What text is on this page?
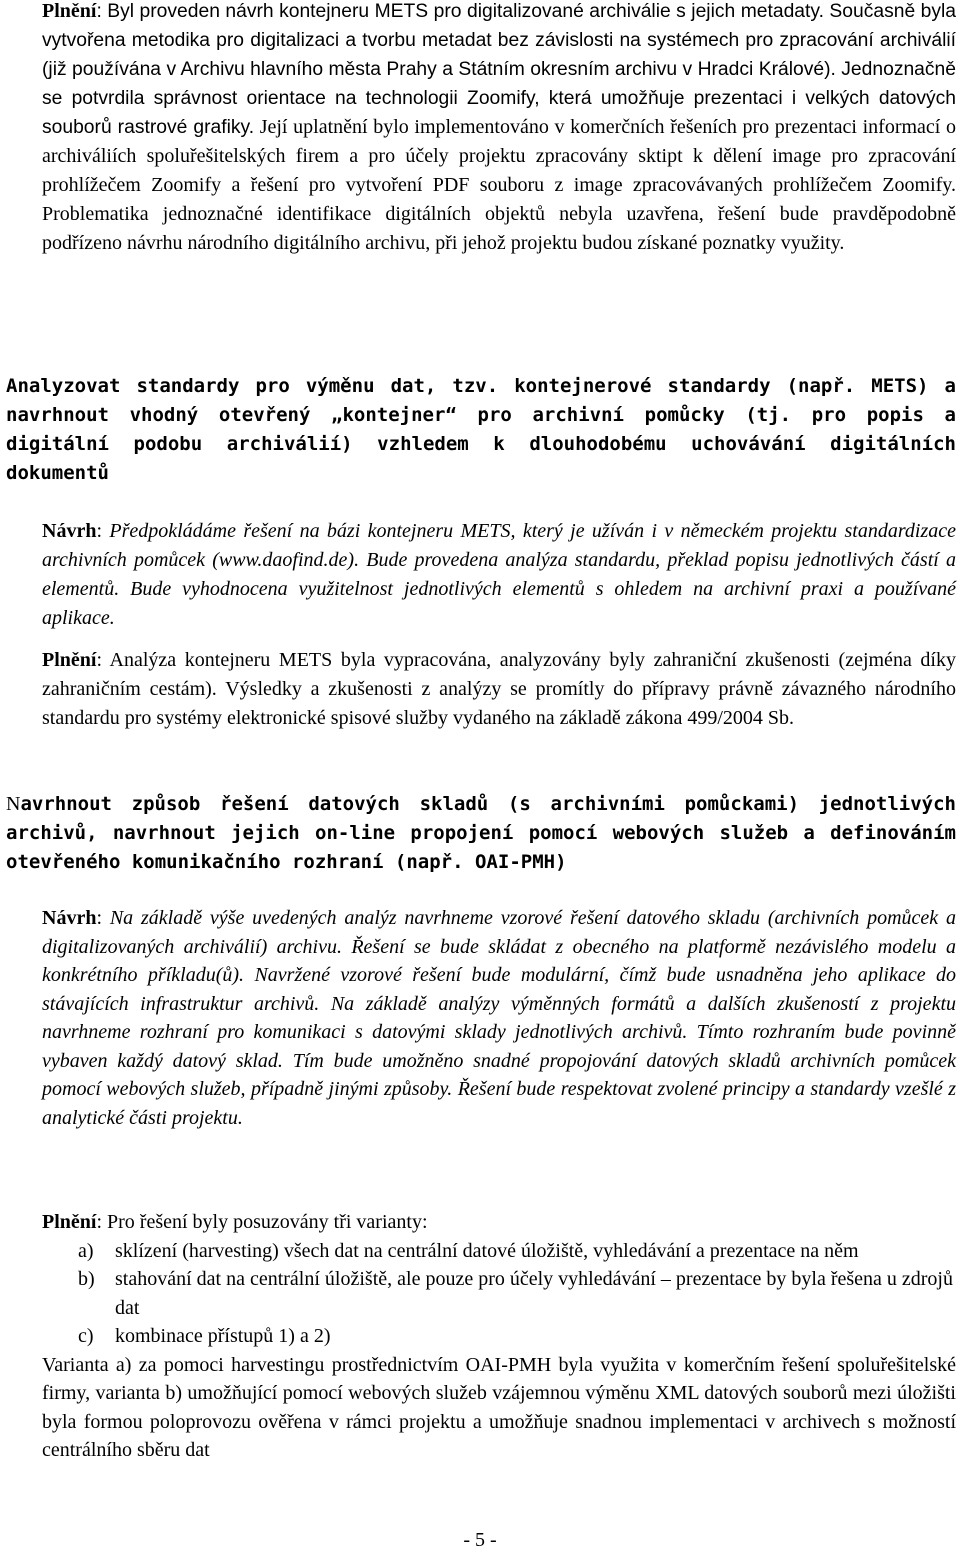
Plnění: Byl proveden návrh kontejneru METS pro digitalizované archiválie s jejich metadaty. Současně byla vytvořena metodika pro digitalizaci a tvorbu metadat bez závislosti na systémech pro zpracování archiválií (již používána v Archivu hlavního města Prahy a Státním okresním archivu v Hradci Králové). Jednoznačně se potvrdila správnost orientace na technologii Zoomify, která umožňuje prezentaci i velkých datových souborů rastrové grafiky. Její uplatnění bylo implementováno v komerčních řešeních pro prezentaci informací o archiváliích spoluřešitelských firem a pro účely projektu zpracovány sktipt k dělení image pro zpracování prohlížečem Zoomify a řešení pro vytvoření PDF souboru z image zpracovávaných prohlížečem Zoomify. Problematika jednoznačné identifikace digitálních objektů nebyla uzavřena, řešení bude pravděpodobně podřízeno návrhu národního digitálního archivu, při jehož projektu budou získané poznatky využity.

Analyzovat standardy pro výměnu dat, tzv. kontejnerové standardy (např. METS) a navrhnout vhodný otevřený „kontejner“ pro archivní pomůcky (tj. pro popis a digitální podobu archiválií) vzhledem k dlouhodobému uchovávání digitálních dokumentů

Návrh: Předpokládáme řešení na bázi kontejneru METS, který je užíván i v německém projektu standardizace archivních pomůcek (www.daofind.de). Bude provedena analýza standardu, překlad popisu jednotlivých částí a elementů. Bude vyhodnocena využitelnost jednotlivých elementů s ohledem na archivní praxi a používané aplikace.

Plnění: Analýza kontejneru METS byla vypracována, analyzovány byly zahraniční zkušenosti (zejména díky zahraničním cestám). Výsledky a zkušenosti z analýzy se promítly do přípravy právně závazného národního standardu pro systémy elektronické spisové služby vydaného na základě zákona 499/2004 Sb.

Navrhnout způsob řešení datových skladů (s archivními pomůckami) jednotlivých archivů, navrhnout jejich on-line propojení pomocí webových služeb a definováním otevřeného komunikačního rozhraní (např. OAI-PMH)

Návrh: Na základě výše uvedených analýz navrhneme vzorové řešení datového skladu (archivních pomůcek a digitalizovaných archiválií) archivu. Řešení se bude skládat z obecného na platformě nezávislého modelu a konkrétního příkladu(ů). Navržené vzorové řešení bude modulární, čímž bude usnadněna jeho aplikace do stávajících infrastruktur archivů. Na základě analýzy výměnných formátů a dalších zkušeností z projektu navrhneme rozhraní pro komunikaci s datovými sklady jednotlivých archivů. Tímto rozhraním bude povinně vybaven každý datový sklad. Tím bude umožněno snadné propojování datových skladů archivních pomůcek pomocí webových služeb, případně jinými způsoby. Řešení bude respektovat zvolené principy a standardy vzešlé z analytické části projektu.

Plnění: Pro řešení byly posuzovány tři varianty:
a) sklízení (harvesting) všech dat na centrální datové úložiště, vyhledávání a prezentace na něm
b) stahování dat na centrální úložiště, ale pouze pro účely vyhledávání – prezentace by byla řešena u zdrojů dat
c) kombinace přístupů 1) a 2)
Varianta a) za pomoci harvestingu prostřednictvím OAI-PMH byla využita v komerčním řešení spoluřešitelské firmy, varianta b) umožňující pomocí webových služeb vzájemnou výměnu XML datových souborů mezi úložišti byla formou poloprovozu ověřena v rámci projektu a umožňuje snadnou implementaci v archivech s možností centrálního sběru dat
- 5 -
